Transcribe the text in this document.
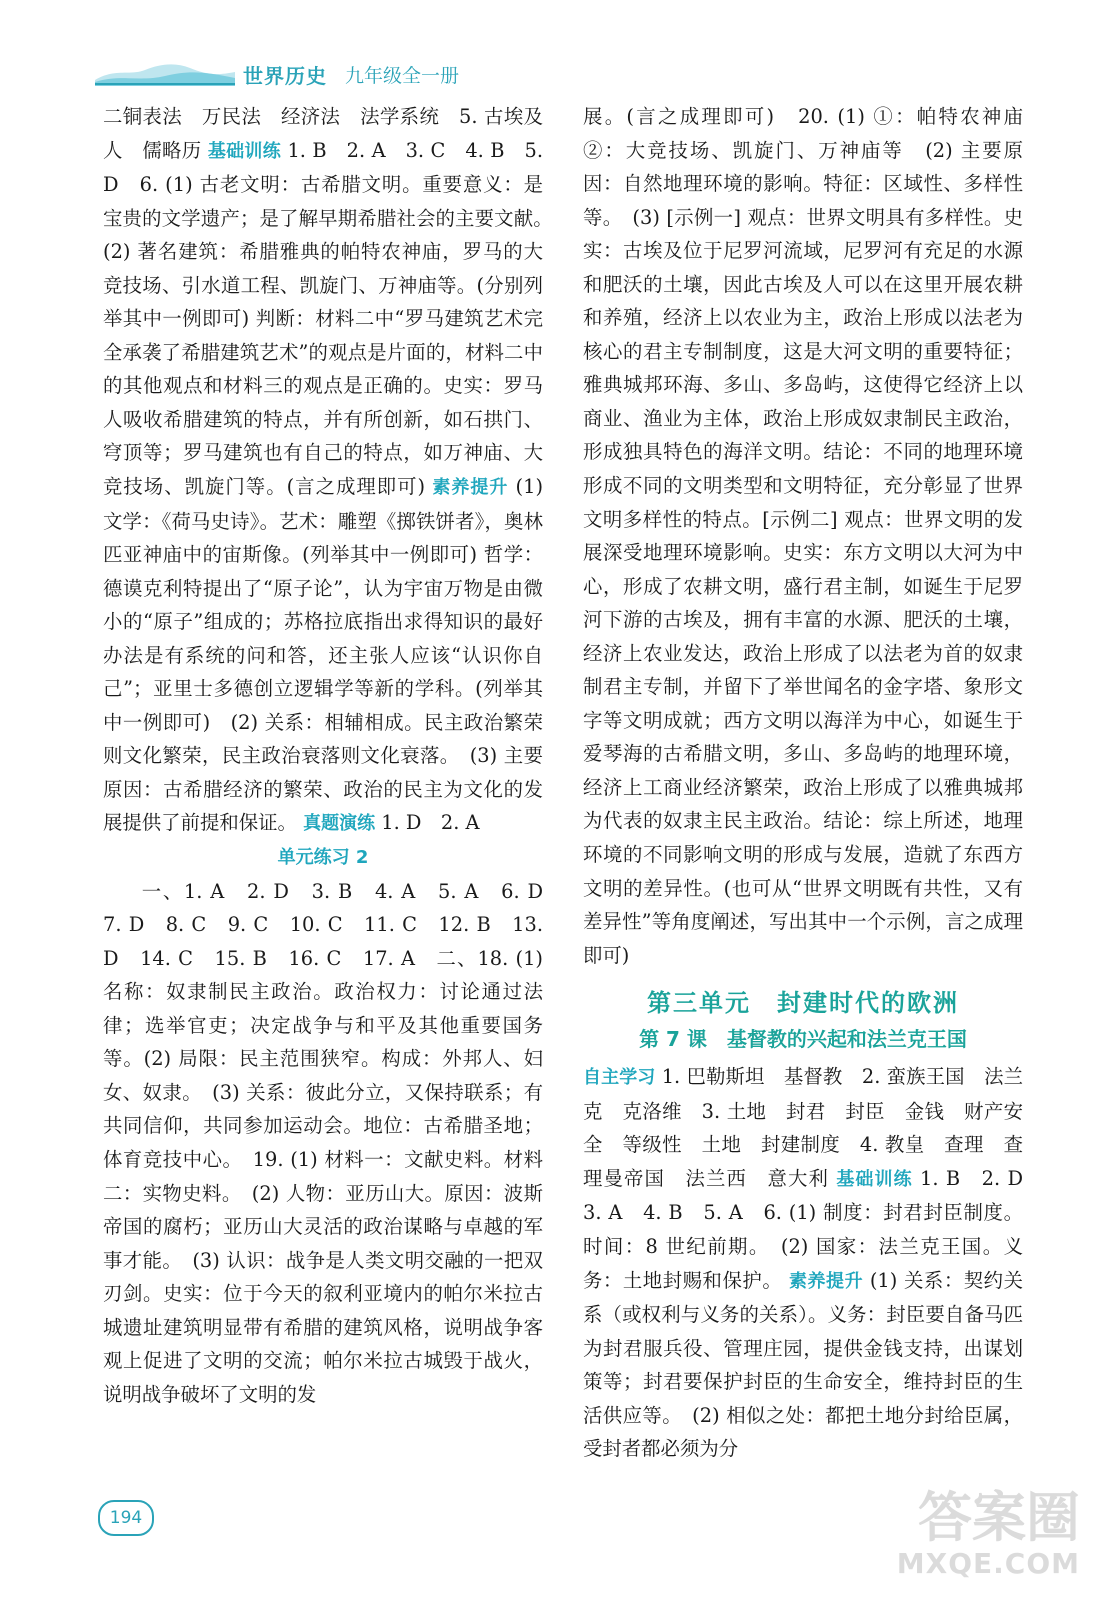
世界历史 九年级全一册

二铜表法　万民法　经济法　法学系统　5. 古埃及人　儒略历 基础训练 1. B　2. A　3. C　4. B　5. D　6. (1) 古老文明：古希腊文明。重要意义：是宝贵的文学遗产；是了解早期希腊社会的主要文献。　(2) 著名建筑：希腊雅典的帕特农神庙，罗马的大竞技场、引水道工程、凯旋门、万神庙等。(分别列举其中一例即可) 判断：材料二中“罗马建筑艺术完全承袭了希腊建筑艺术”的观点是片面的，材料二中的其他观点和材料三的观点是正确的。史实：罗马人吸收希腊建筑的特点，并有所创新，如石拱门、穹顶等；罗马建筑也有自己的特点，如万神庙、大竞技场、凯旋门等。(言之成理即可) 素养提升 (1) 文学：《荷马史诗》。艺术：雕塑《掷铁饼者》，奥林匹亚神庙中的宙斯像。(列举其中一例即可) 哲学：德谟克利特提出了“原子论”，认为宇宙万物是由微小的“原子”组成的；苏格拉底指出求得知识的最好办法是有系统的问和答，还主张人应该“认识你自己”；亚里士多德创立逻辑学等新的学科。(列举其中一例即可)　(2) 关系：相辅相成。民主政治繁荣则文化繁荣，民主政治衰落则文化衰落。　(3) 主要原因：古希腊经济的繁荣、政治的民主为文化的发展提供了前提和保证。 真题演练 1. D　2. A

单元练习 2

一、1. A　2. D　3. B　4. A　5. A　6. D　7. D　8. C　9. C　10. C　11. C　12. B　13. D　14. C　15. B　16. C　17. A　二、18. (1) 名称：奴隶制民主政治。政治权力：讨论通过法律；选举官吏；决定战争与和平及其他重要国务等。(2) 局限：民主范围狭窄。构成：外邦人、妇女、奴隶。　(3) 关系：彼此分立，又保持联系；有共同信仰，共同参加运动会。地位：古希腊圣地；体育竞技中心。　19. (1) 材料一：文献史料。材料二：实物史料。　(2) 人物：亚历山大。原因：波斯帝国的腐朽；亚历山大灵活的政治谋略与卓越的军事才能。　(3) 认识：战争是人类文明交融的一把双刃剑。史实：位于今天的叙利亚境内的帕尔米拉古城遗址建筑明显带有希腊的建筑风格，说明战争客观上促进了文明的交流；帕尔米拉古城毁于战火，说明战争破坏了文明的发

展。(言之成理即可)　20. (1) ①：帕特农神庙　②：大竞技场、凯旋门、万神庙等　(2) 主要原因：自然地理环境的影响。特征：区域性、多样性等。　(3) [示例一] 观点：世界文明具有多样性。史实：古埃及位于尼罗河流域，尼罗河有充足的水源和肥沃的土壤，因此古埃及人可以在这里开展农耕和养殖，经济上以农业为主，政治上形成以法老为核心的君主专制制度，这是大河文明的重要特征；雅典城邦环海、多山、多岛屿，这使得它经济上以商业、渔业为主体，政治上形成奴隶制民主政治，形成独具特色的海洋文明。结论：不同的地理环境形成不同的文明类型和文明特征，充分彰显了世界文明多样性的特点。[示例二] 观点：世界文明的发展深受地理环境影响。史实：东方文明以大河为中心，形成了农耕文明，盛行君主制，如诞生于尼罗河下游的古埃及，拥有丰富的水源、肥沃的土壤，经济上农业发达，政治上形成了以法老为首的奴隶制君主专制，并留下了举世闻名的金字塔、象形文字等文明成就；西方文明以海洋为中心，如诞生于爱琴海的古希腊文明，多山、多岛屿的地理环境，经济上工商业经济繁荣，政治上形成了以雅典城邦为代表的奴隶主民主政治。结论：综上所述，地理环境的不同影响文明的形成与发展，造就了东西方文明的差异性。(也可从“世界文明既有共性，又有差异性”等角度阐述，写出其中一个示例，言之成理即可)

第三单元　封建时代的欧洲
第 7 课　基督教的兴起和法兰克王国

自主学习 1. 巴勒斯坦　基督教　2. 蛮族王国　法兰克　克洛维　3. 土地　封君　封臣　金钱　财产安全　等级性　土地　封建制度　4. 教皇　查理　查理曼帝国　法兰西　意大利 基础训练 1. B　2. D　3. A　4. B　5. A　6. (1) 制度：封君封臣制度。时间：8 世纪前期。　(2) 国家：法兰克王国。义务：土地封赐和保护。 素养提升 (1) 关系：契约关系（或权利与义务的关系）。义务：封臣要自备马匹为封君服兵役、管理庄园，提供金钱支持，出谋划策等；封君要保护封臣的生命安全，维持封臣的生活供应等。　(2) 相似之处：都把土地分封给臣属，受封者都必须为分

194	答案圈
MXQE.COM
